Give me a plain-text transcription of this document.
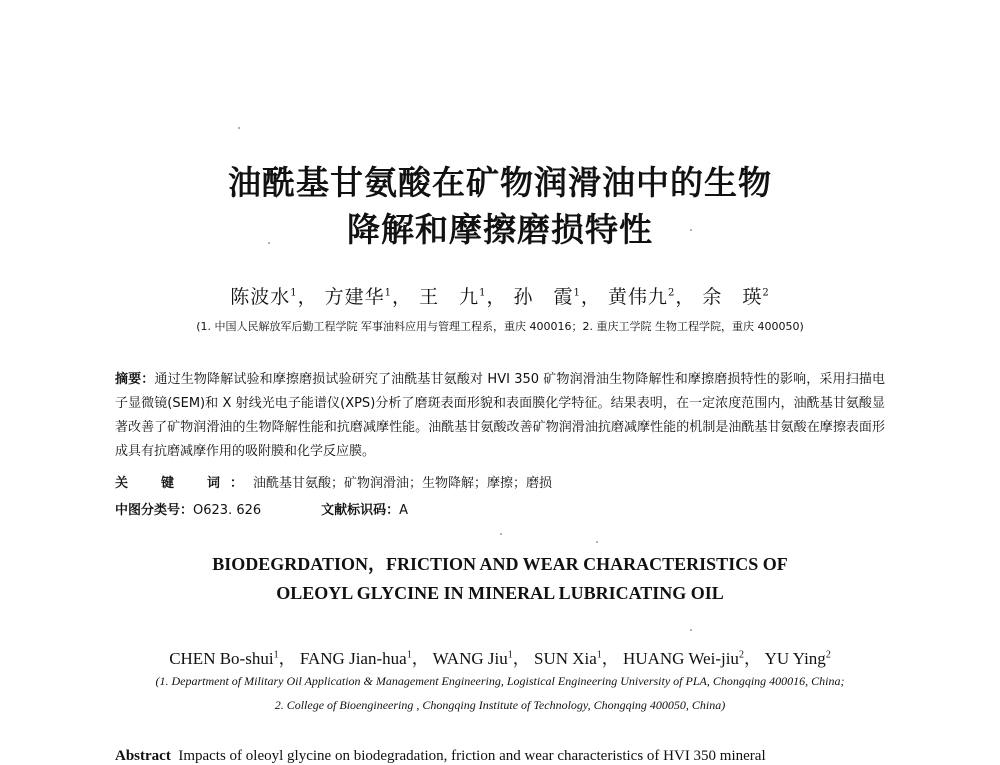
油酰基甘氨酸在矿物润滑油中的生物
降解和摩擦磨损特性
陈波水$^1$， 方建华$^1$， 王　九$^1$， 孙　霞$^1$， 黄伟九$^2$， 余　瑛$^2$
(1. 中国人民解放军后勤工程学院 军事油料应用与管理工程系，重庆 400016；2. 重庆工学院 生物工程学院，重庆 400050)
摘要：通过生物降解试验和摩擦磨损试验研究了油酰基甘氨酸对 HVI 350 矿物润滑油生物降解性和摩擦磨损特性的影响，采用扫描电子显微镜(SEM)和 X 射线光电子能谱仪(XPS)分析了磨斑表面形貌和表面膜化学特征。结果表明，在一定浓度范围内，油酰基甘氨酸显著改善了矿物润滑油的生物降解性能和抗磨减摩性能。油酰基甘氨酸改善矿物润滑油抗磨减摩性能的机制是油酰基甘氨酸在摩擦表面形成具有抗磨减摩作用的吸附膜和化学反应膜。
关　键　词：油酰基甘氨酸；矿物润滑油；生物降解；摩擦；磨损
中图分类号：O623. 626	文献标识码：A
BIODEGRDATION，FRICTION AND WEAR CHARACTERISTICS OF
OLEOYL GLYCINE IN MINERAL LUBRICATING OIL
CHEN Bo-shui$^1$， FANG Jian-hua$^1$， WANG Jiu$^1$， SUN Xia$^1$， HUANG Wei-jiu$^2$， YU Ying$^2$
(1. Department of Military Oil Application & Management Engineering, Logistical Engineering University of PLA, Chongqing 400016, China;
2. College of Bioengineering , Chongqing Institute of Technology, Chongqing 400050, China)
Abstract Impacts of oleoyl glycine on biodegradation, friction and wear characteristics of HVI 350 mineral
